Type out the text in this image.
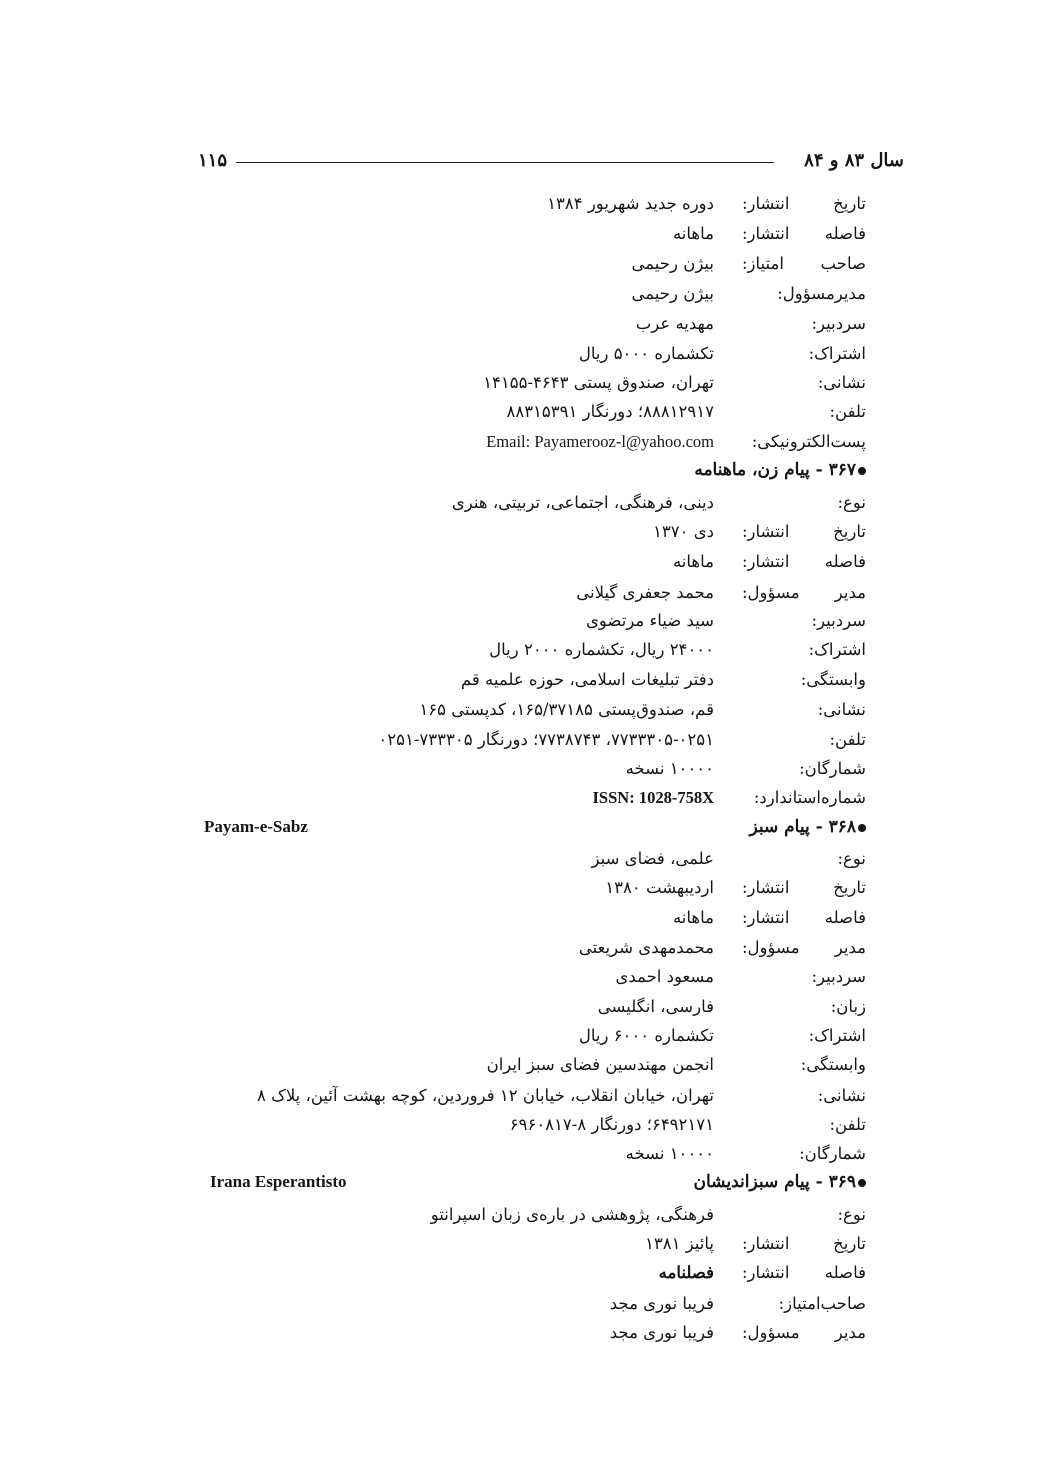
سال ۸۳ و ۸۴
۱۱۵
تاریخ انتشار:
دوره جدید شهریور ۱۳۸۴
فاصله انتشار:
ماهانه
صاحب امتیاز:
بیژن رحیمی
مدیرمسؤول:
بیژن رحیمی
سردبیر:
مهدیه عرب
اشتراک:
تکشماره ۵۰۰۰ ریال
نشانی:
تهران، صندوق پستی ۴۶۴۳-۱۴۱۵۵
تلفن:
۸۸۸۱۲۹۱۷؛ دورنگار ۸۸۳۱۵۳۹۱
پست‌الکترونیکی:
Email: Payamerooz-l@yahoo.com
۳۶۷ - پیام زن، ماهنامه
نوع:
دینی، فرهنگی، اجتماعی، تربیتی، هنری
تاریخ انتشار:
دی ۱۳۷۰
فاصله انتشار:
ماهانه
مدیر مسؤول:
محمد جعفری گیلانی
سردبیر:
سید ضیاء مرتضوی
اشتراک:
۲۴۰۰۰ ریال، تکشماره ۲۰۰۰ ریال
وابستگی:
دفتر تبلیغات اسلامی، حوزه علمیه قم
نشانی:
قم، صندوق‌پستی ۱۶۵/۳۷۱۸۵، کدپستی ۱۶۵
تلفن:
۷۷۳۳۳۰۵-۰۲۵۱، ۷۷۳۸۷۴۳؛ دورنگار ۷۳۳۳۰۵-۰۲۵۱
شمارگان:
۱۰۰۰۰ نسخه
شماره‌استاندارد:
ISSN: 1028-758X
۳۶۸ - پیام سبز
Payam-e-Sabz
نوع:
علمی، فضای سبز
تاریخ انتشار:
اردیبهشت ۱۳۸۰
فاصله انتشار:
ماهانه
مدیر مسؤول:
محمدمهدی شریعتی
سردبیر:
مسعود احمدی
زبان:
فارسی، انگلیسی
اشتراک:
تکشماره ۶۰۰۰ ریال
وابستگی:
انجمن مهندسین فضای سبز ایران
نشانی:
تهران، خیابان انقلاب، خیابان ۱۲ فروردین، کوچه بهشت آئین، پلاک ۸
تلفن:
۶۴۹۲۱۷۱؛ دورنگار ۸-۶۹۶۰۸۱۷
شمارگان:
۱۰۰۰۰ نسخه
۳۶۹ - پیام سبزاندیشان
Irana Esperantisto
نوع:
فرهنگی، پژوهشی در باره‌ی زبان اسپرانتو
تاریخ انتشار:
پائیز ۱۳۸۱
فاصله انتشار:
فصلنامه
صاحب‌امتیاز:
فریبا نوری مجد
مدیر مسؤول:
فریبا نوری مجد
